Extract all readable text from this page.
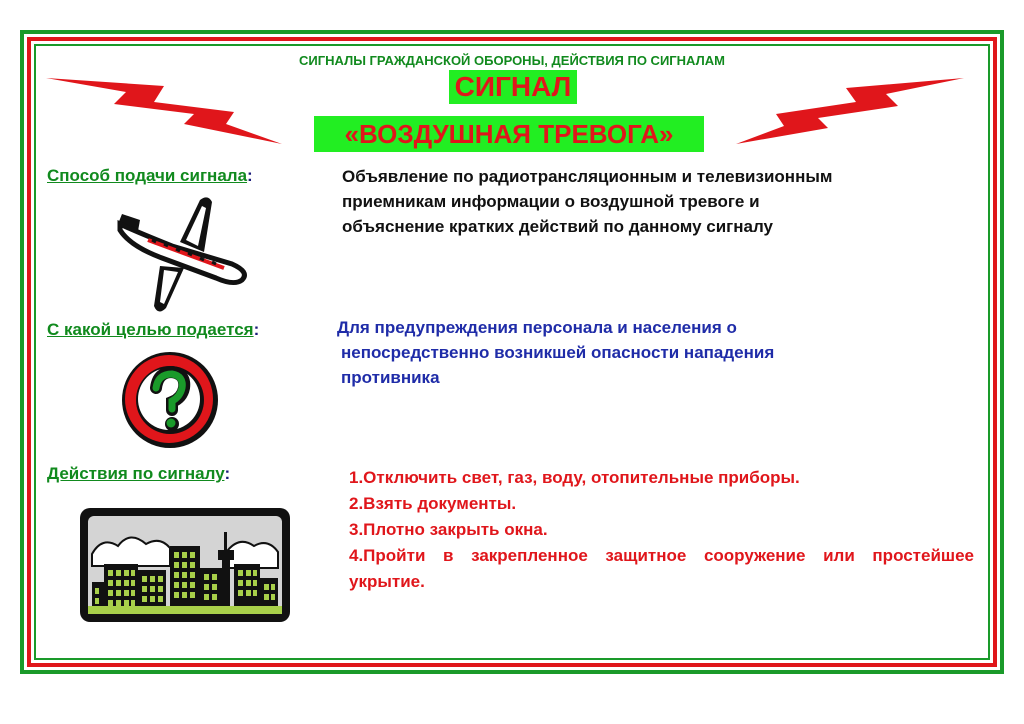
СИГНАЛЫ ГРАЖДАНСКОЙ ОБОРОНЫ, ДЕЙСТВИЯ ПО СИГНАЛАМ
СИГНАЛ
«ВОЗДУШНАЯ ТРЕВОГА»
Способ подачи сигнала:	Объявление по радиотрансляционным и телевизионным
приемникам информации о воздушной тревоге и
объяснение кратких действий по данному сигналу
С какой целью подается:	Для предупреждения персонала и населения о
непосредственно возникшей опасности нападения
противника
Действия по сигналу:	1.Отключить свет, газ, воду, отопительные приборы.
2.Взять документы.
3.Плотно закрыть окна.
4.Пройти в закрепленное защитное сооружение или простейшее укрытие.
